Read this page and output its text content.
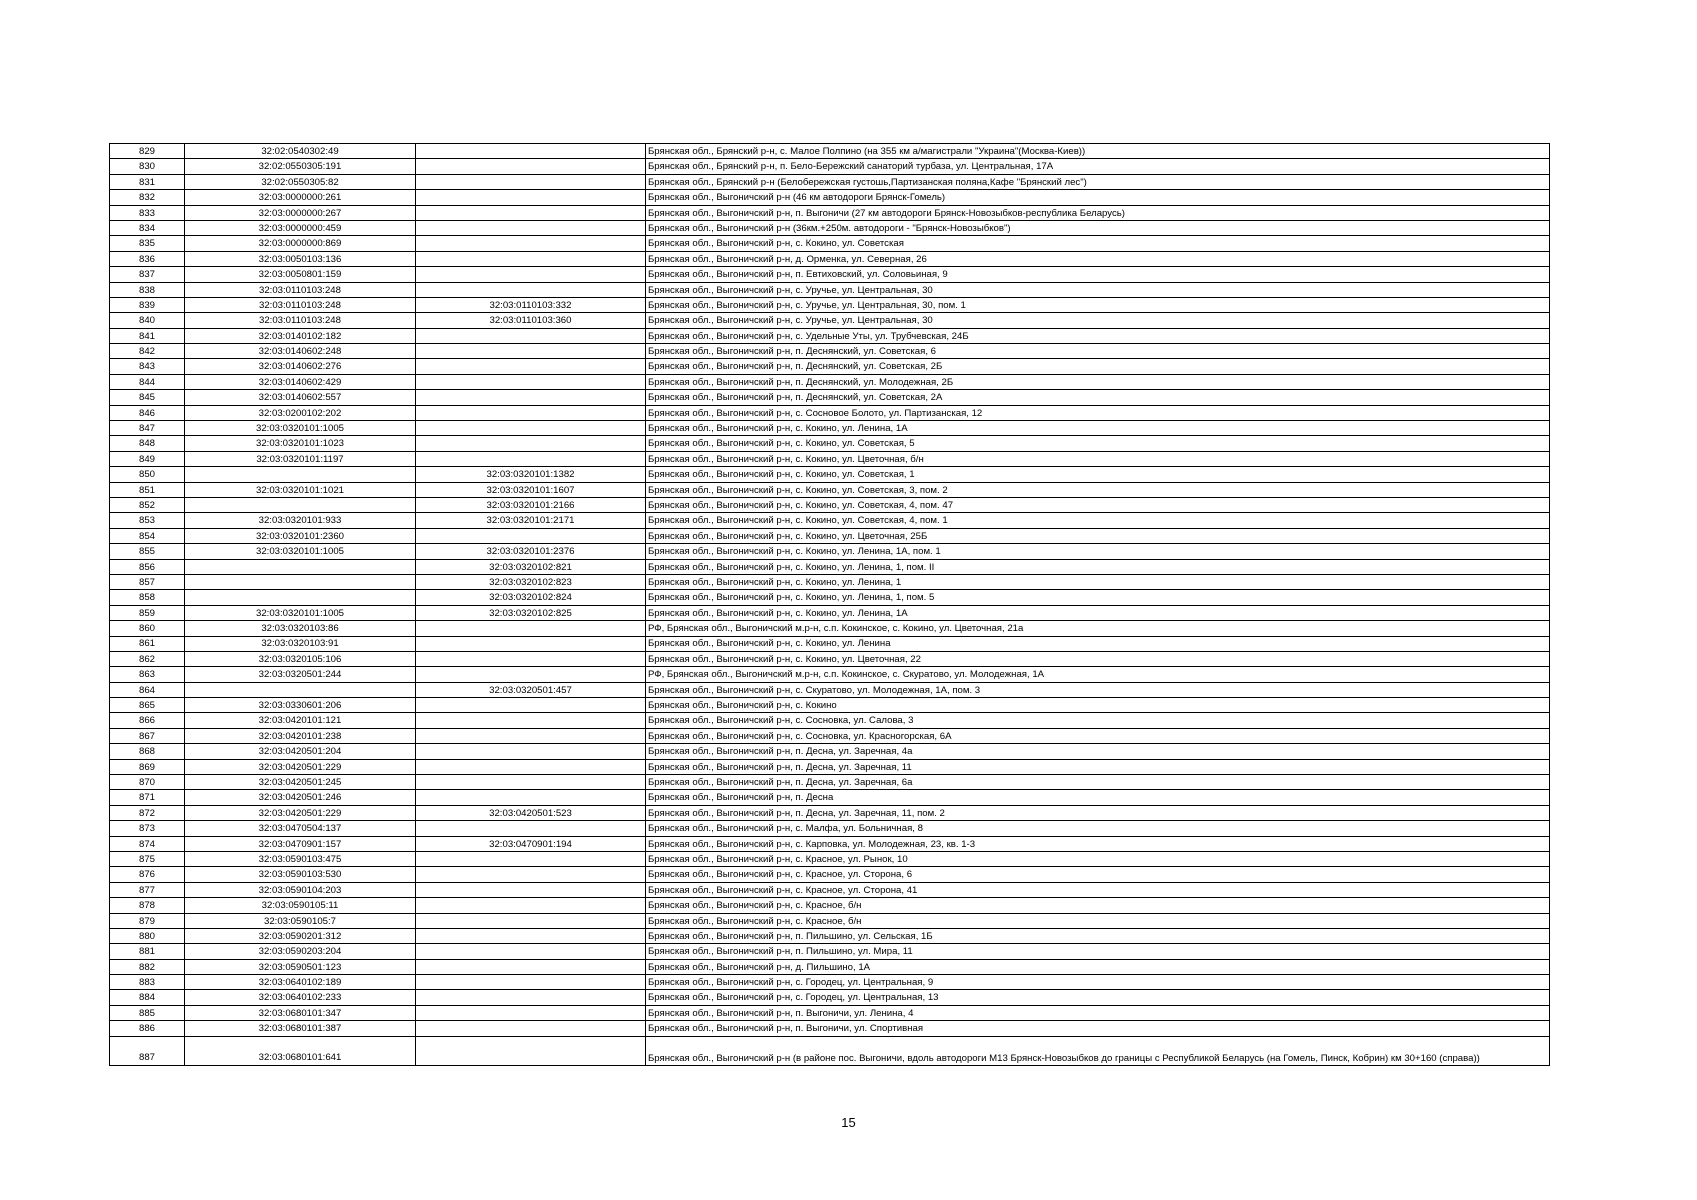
829	32:02:0540302:49		Брянская обл., Брянский р-н, с. Малое Полпино (на 355 км а/магистрали "Украина"(Москва-Киев))
830	32:02:0550305:191		Брянская обл., Брянский р-н, п. Бело-Бережский санаторий турбаза, ул. Центральная, 17А
831	32:02:0550305:82		Брянская обл., Брянский р-н (Белобережская густошь,Партизанская поляна,Кафе "Брянский лес")
832	32:03:0000000:261		Брянская обл., Выгоничский р-н (46 км автодороги Брянск-Гомель)
833	32:03:0000000:267		Брянская обл., Выгоничский р-н, п. Выгоничи (27 км автодороги Брянск-Новозыбков-республика Беларусь)
834	32:03:0000000:459		Брянская обл., Выгоничский р-н (36км.+250м. автодороги - "Брянск-Новозыбков")
835	32:03:0000000:869		Брянская обл., Выгоничский р-н, с. Кокино, ул. Советская
836	32:03:0050103:136		Брянская обл., Выгоничский р-н, д. Орменка, ул. Северная, 26
837	32:03:0050801:159		Брянская обл., Выгоничский р-н, п. Евтиховский, ул. Соловьиная, 9
838	32:03:0110103:248		Брянская обл., Выгоничский р-н, с. Уручье, ул. Центральная, 30
839	32:03:0110103:248	32:03:0110103:332	Брянская обл., Выгоничский р-н, с. Уручье, ул. Центральная, 30, пом. 1
840	32:03:0110103:248	32:03:0110103:360	Брянская обл., Выгоничский р-н, с. Уручье, ул. Центральная, 30
841	32:03:0140102:182		Брянская обл., Выгоничский р-н, с. Удельные Уты, ул. Трубчевская, 24Б
842	32:03:0140602:248		Брянская обл., Выгоничский р-н, п. Деснянский, ул. Советская, 6
843	32:03:0140602:276		Брянская обл., Выгоничский р-н, п. Деснянский, ул. Советская, 2Б
844	32:03:0140602:429		Брянская обл., Выгоничский р-н, п. Деснянский, ул. Молодежная, 2Б
845	32:03:0140602:557		Брянская обл., Выгоничский р-н, п. Деснянский, ул. Советская, 2А
846	32:03:0200102:202		Брянская обл., Выгоничский р-н, с. Сосновое Болото, ул. Партизанская, 12
847	32:03:0320101:1005		Брянская обл., Выгоничский р-н, с. Кокино, ул. Ленина, 1А
848	32:03:0320101:1023		Брянская обл., Выгоничский р-н, с. Кокино, ул. Советская, 5
849	32:03:0320101:1197		Брянская обл., Выгоничский р-н, с. Кокино, ул. Цветочная, б/н
850		32:03:0320101:1382	Брянская обл., Выгоничский р-н, с. Кокино, ул. Советская, 1
851	32:03:0320101:1021	32:03:0320101:1607	Брянская обл., Выгоничский р-н, с. Кокино, ул. Советская, 3, пом. 2
852		32:03:0320101:2166	Брянская обл., Выгоничский р-н, с. Кокино, ул. Советская, 4, пом. 47
853	32:03:0320101:933	32:03:0320101:2171	Брянская обл., Выгоничский р-н, с. Кокино, ул. Советская, 4, пом. 1
854	32:03:0320101:2360		Брянская обл., Выгоничский р-н, с. Кокино, ул. Цветочная, 25Б
855	32:03:0320101:1005	32:03:0320101:2376	Брянская обл., Выгоничский р-н, с. Кокино, ул. Ленина, 1А, пом. 1
856		32:03:0320102:821	Брянская обл., Выгоничский р-н, с. Кокино, ул. Ленина, 1, пом. II
857		32:03:0320102:823	Брянская обл., Выгоничский р-н, с. Кокино, ул. Ленина, 1
858		32:03:0320102:824	Брянская обл., Выгоничский р-н, с. Кокино, ул. Ленина, 1, пом. 5
859	32:03:0320101:1005	32:03:0320102:825	Брянская обл., Выгоничский р-н, с. Кокино, ул. Ленина, 1А
860	32:03:0320103:86		РФ, Брянская обл., Выгоничский м.р-н, с.п. Кокинское, с. Кокино, ул. Цветочная, 21а
861	32:03:0320103:91		Брянская обл., Выгоничский р-н, с. Кокино, ул. Ленина
862	32:03:0320105:106		Брянская обл., Выгоничский р-н, с. Кокино, ул. Цветочная, 22
863	32:03:0320501:244		РФ, Брянская обл., Выгоничский м.р-н, с.п. Кокинское, с. Скуратово, ул. Молодежная, 1А
864		32:03:0320501:457	Брянская обл., Выгоничский р-н, с. Скуратово, ул. Молодежная, 1А, пом. 3
865	32:03:0330601:206		Брянская обл., Выгоничский р-н, с. Кокино
866	32:03:0420101:121		Брянская обл., Выгоничский р-н, с. Сосновка, ул. Салова, 3
867	32:03:0420101:238		Брянская обл., Выгоничский р-н, с. Сосновка, ул. Красногорская, 6А
868	32:03:0420501:204		Брянская обл., Выгоничский р-н, п. Десна, ул. Заречная, 4а
869	32:03:0420501:229		Брянская обл., Выгоничский р-н, п. Десна, ул. Заречная, 11
870	32:03:0420501:245		Брянская обл., Выгоничский р-н, п. Десна, ул. Заречная, 6а
871	32:03:0420501:246		Брянская обл., Выгоничский р-н, п. Десна
872	32:03:0420501:229	32:03:0420501:523	Брянская обл., Выгоничский р-н, п. Десна, ул. Заречная, 11, пом. 2
873	32:03:0470504:137		Брянская обл., Выгоничский р-н, с. Малфа, ул. Больничная, 8
874	32:03:0470901:157	32:03:0470901:194	Брянская обл., Выгоничский р-н, с. Карповка, ул. Молодежная, 23, кв. 1-3
875	32:03:0590103:475		Брянская обл., Выгоничский р-н, с. Красное, ул. Рынок, 10
876	32:03:0590103:530		Брянская обл., Выгоничский р-н, с. Красное, ул. Сторона, 6
877	32:03:0590104:203		Брянская обл., Выгоничский р-н, с. Красное, ул. Сторона, 41
878	32:03:0590105:11		Брянская обл., Выгоничский р-н, с. Красное, б/н
879	32:03:0590105:7		Брянская обл., Выгоничский р-н, с. Красное, б/н
880	32:03:0590201:312		Брянская обл., Выгоничский р-н, п. Пильшино, ул. Сельская, 1Б
881	32:03:0590203:204		Брянская обл., Выгоничский р-н, п. Пильшино, ул. Мира, 11
882	32:03:0590501:123		Брянская обл., Выгоничский р-н, д. Пильшино, 1А
883	32:03:0640102:189		Брянская обл., Выгоничский р-н, с. Городец, ул. Центральная, 9
884	32:03:0640102:233		Брянская обл., Выгоничский р-н, с. Городец, ул. Центральная, 13
885	32:03:0680101:347		Брянская обл., Выгоничский р-н, п. Выгоничи, ул. Ленина, 4
886	32:03:0680101:387		Брянская обл., Выгоничский р-н, п. Выгоничи, ул. Спортивная
887	32:03:0680101:641		Брянская обл., Выгоничский р-н (в районе пос. Выгоничи, вдоль автодороги М13 Брянск-Новозыбков до границы с Республикой Беларусь (на Гомель, Пинск, Кобрин) км 30+160 (справа))
15
